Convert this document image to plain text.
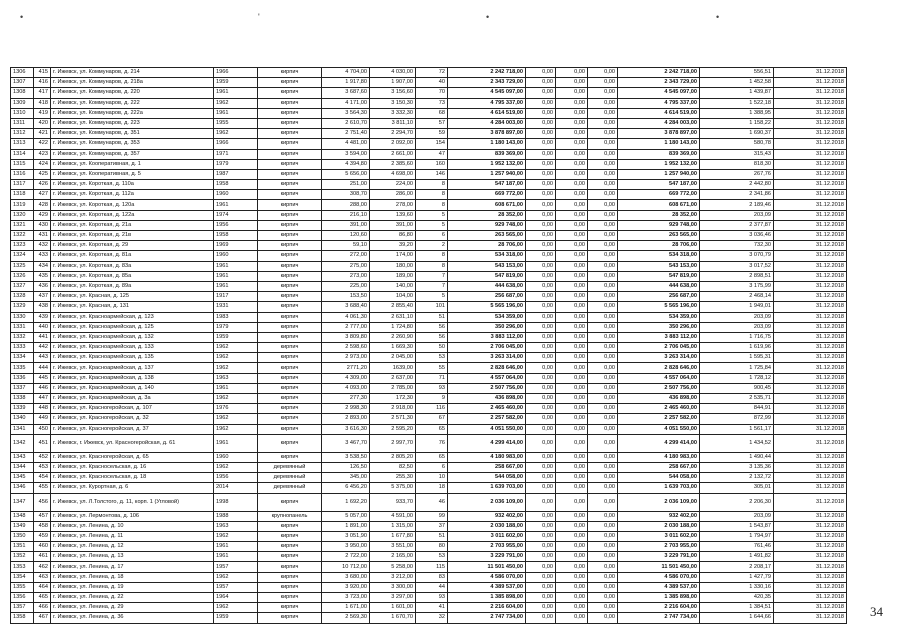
•	'	•	•
1306	415	г. Ижевск, ул. Коммунаров, д. 214	1966	кирпич	4 704,00	4 030,00	72	2 242 718,00	0,00	0,00	0,00	2 242 718,00	556,51	31.12.2018
1307	416	г. Ижевск, ул. Коммунаров, д. 218а	1959	кирпич	1 917,80	1 907,00	40	2 343 729,00	0,00	0,00	0,00	2 343 729,00	1 452,58	31.12.2018
1308	417	г. Ижевск, ул. Коммунаров, д. 220	1961	кирпич	3 687,60	3 156,60	70	4 545 097,00	0,00	0,00	0,00	4 545 097,00	1 439,87	31.12.2018
1309	418	г. Ижевск, ул. Коммунаров, д. 222	1962	кирпич	4 171,00	3 150,30	73	4 795 337,00	0,00	0,00	0,00	4 795 337,00	1 522,18	31.12.2018
1310	419	г. Ижевск, ул. Коммунаров, д. 222а	1961	кирпич	3 564,30	3 332,30	68	4 614 519,00	0,00	0,00	0,00	4 614 519,00	1 388,95	31.12.2018
1311	420	г. Ижевск, ул. Коммунаров, д. 223	1955	кирпич	2 610,70	3 811,10	57	4 284 003,00	0,00	0,00	0,00	4 284 003,00	1 158,22	31.12.2018
1312	421	г. Ижевск, ул. Коммунаров, д. 351	1962	кирпич	2 751,40	2 294,70	59	3 878 897,00	0,00	0,00	0,00	3 878 897,00	1 690,37	31.12.2018
1313	422	г. Ижевск, ул. Коммунаров, д. 353	1966	кирпич	4 481,00	2 092,00	154	1 180 143,00	0,00	0,00	0,00	1 180 143,00	580,78	31.12.2018
1314	423	г. Ижевск, ул. Коммунаров, д. 357	1971	кирпич	3 594,00	2 661,00	47	839 369,00	0,00	0,00	0,00	839 369,00	315,43	31.12.2018
1315	424	г. Ижевск, ул. Кооперативная, д. 1	1979	кирпич	4 394,80	2 385,60	160	1 952 132,00	0,00	0,00	0,00	1 952 132,00	818,30	31.12.2018
1316	425	г. Ижевск, ул. Кооперативная, д. 5	1987	кирпич	5 656,00	4 698,00	146	1 257 940,00	0,00	0,00	0,00	1 257 940,00	267,76	31.12.2018
1317	426	г. Ижевск, ул. Короткая, д. 110а	1958	кирпич	251,00	224,00	8	547 187,00	0,00	0,00	0,00	547 187,00	2 442,80	31.12.2018
1318	427	г. Ижевск, ул. Короткая, д. 112а	1960	кирпич	308,70	286,00	8	669 772,00	0,00	0,00	0,00	669 772,00	2 341,86	31.12.2018
1319	428	г. Ижевск, ул. Короткая, д. 120а	1961	кирпич	288,00	278,00	8	608 671,00	0,00	0,00	0,00	608 671,00	2 189,46	31.12.2018
1320	429	г. Ижевск, ул. Короткая, д. 122а	1974	кирпич	216,10	139,60	5	28 352,00	0,00	0,00	0,00	28 352,00	203,09	31.12.2018
1321	430	г. Ижевск, ул. Короткая, д. 21а	1956	кирпич	391,00	391,00	5	929 748,00	0,00	0,00	0,00	929 748,00	2 377,87	31.12.2018
1322	431	г. Ижевск, ул. Короткая, д. 21в	1958	кирпич	120,60	86,80	6	263 565,00	0,00	0,00	0,00	263 565,00	3 036,46	31.12.2018
1323	432	г. Ижевск, ул. Короткая, д. 29	1969	кирпич	59,10	39,20	2	28 706,00	0,00	0,00	0,00	28 706,00	732,30	31.12.2018
1324	433	г. Ижевск, ул. Короткая, д. 81а	1960	кирпич	272,00	174,00	8	534 318,00	0,00	0,00	0,00	534 318,00	3 070,79	31.12.2018
1325	434	г. Ижевск, ул. Короткая, д. 83а	1961	кирпич	275,00	180,00	8	543 153,00	0,00	0,00	0,00	543 153,00	3 017,52	31.12.2018
1326	435	г. Ижевск, ул. Короткая, д. 85а	1961	кирпич	273,00	189,00	7	547 819,00	0,00	0,00	0,00	547 819,00	2 898,51	31.12.2018
1327	436	г. Ижевск, ул. Короткая, д. 89а	1961	кирпич	225,00	140,00	7	444 638,00	0,00	0,00	0,00	444 638,00	3 175,99	31.12.2018
1328	437	г. Ижевск, ул. Красная, д. 125	1917	кирпич	153,50	104,00	5	256 687,00	0,00	0,00	0,00	256 687,00	2 468,14	31.12.2018
1329	438	г. Ижевск, ул. Красная, д. 131	1931	кирпич	3 688,40	2 855,40	101	5 565 196,00	0,00	0,00	0,00	5 565 196,00	1 949,01	31.12.2018
1330	439	г. Ижевск, ул. Красноармейская, д. 123	1983	кирпич	4 061,30	2 631,10	51	534 359,00	0,00	0,00	0,00	534 359,00	203,09	31.12.2018
1331	440	г. Ижевск, ул. Красноармейская, д. 125	1979	кирпич	2 777,00	1 724,80	56	350 296,00	0,00	0,00	0,00	350 296,00	203,09	31.12.2018
1332	441	г. Ижевск, ул. Красноармейская, д. 132	1959	кирпич	3 809,80	2 260,90	56	3 883 112,00	0,00	0,00	0,00	3 883 112,00	1 716,75	31.12.2018
1333	442	г. Ижевск, ул. Красноармейская, д. 133	1962	кирпич	2 598,60	1 669,30	50	2 706 045,00	0,00	0,00	0,00	2 706 045,00	1 619,96	31.12.2018
1334	443	г. Ижевск, ул. Красноармейская, д. 135	1962	кирпич	2 973,00	2 045,00	53	3 263 314,00	0,00	0,00	0,00	3 263 314,00	1 595,31	31.12.2018
1335	444	г. Ижевск, ул. Красноармейская, д. 137	1962	кирпич	2771,20	1639,00	55	2 828 646,00	0,00	0,00	0,00	2 828 646,00	1 725,84	31.12.2018
1336	445	г. Ижевск, ул. Красноармейская, д. 138	1963	кирпич	4 309,00	2 637,00	71	4 557 064,00	0,00	0,00	0,00	4 557 064,00	1 728,12	31.12.2018
1337	446	г. Ижевск, ул. Красноармейская, д. 140	1961	кирпич	4 093,00	2 785,00	93	2 507 756,00	0,00	0,00	0,00	2 507 756,00	900,45	31.12.2018
1338	447	г. Ижевск, ул. Красноармейская, д. 3а	1962	кирпич	277,30	172,30	9	436 898,00	0,00	0,00	0,00	436 898,00	2 535,71	31.12.2018
1339	448	г. Ижевск, ул. Красногеройская, д. 107	1976	кирпич	2 998,30	2 918,00	116	2 465 460,00	0,00	0,00	0,00	2 465 460,00	844,91	31.12.2018
1340	449	г. Ижевск, ул. Красногеройская, д. 32	1962	кирпич	2 893,00	2 571,30	67	2 257 582,00	0,00	0,00	0,00	2 257 582,00	872,99	31.12.2018
1341	450	г. Ижевск, ул. Красногеройская, д. 37	1962	кирпич	3 616,30	2 595,20	65	4 051 550,00	0,00	0,00	0,00	4 051 550,00	1 561,17	31.12.2018
1342	451	г. Ижевск, г. Ижевск, ул. Красногеройская, д. 61	1961	кирпич	3 467,70	2 997,70	76	4 299 414,00	0,00	0,00	0,00	4 299 414,00	1 434,52	31.12.2018
1343	452	г. Ижевск, ул. Красногеройская, д. 65	1960	кирпич	3 538,50	2 805,20	65	4 180 983,00	0,00	0,00	0,00	4 180 983,00	1 490,44	31.12.2018
1344	453	г. Ижевск, ул. Красносельская, д. 16	1962	деревянный	126,50	82,50	6	258 667,00	0,00	0,00	0,00	258 667,00	3 135,36	31.12.2018
1345	454	г. Ижевск, ул. Красносельская, д. 18	1956	деревянный	345,00	255,30	10	544 058,00	0,00	0,00	0,00	544 058,00	2 132,72	31.12.2018
1346	455	г. Ижевск, ул. Курортная, д. 6	2014	деревянный	6 456,20	5 375,00	18	1 639 703,00	0,00	0,00	0,00	1 639 703,00	305,01	31.12.2018
1347	456	г. Ижевск, ул. Л.Толстого, д. 11, корп. 1 (Угловой)	1998	кирпич	1 692,20	933,70	46	2 036 109,00	0,00	0,00	0,00	2 036 109,00	2 206,30	31.12.2018
1348	457	г. Ижевск, ул. Лермонтова, д. 106	1988	крупнопанель	5 057,00	4 591,00	99	932 402,00	0,00	0,00	0,00	932 402,00	203,09	31.12.2018
1349	458	г. Ижевск, ул. Ленина, д. 10	1963	кирпич	1 891,00	1 315,00	37	2 030 188,00	0,00	0,00	0,00	2 030 188,00	1 543,87	31.12.2018
1350	459	г. Ижевск, ул. Ленина, д. 11	1962	кирпич	3 051,90	1 677,80	51	3 011 602,00	0,00	0,00	0,00	3 011 602,00	1 794,97	31.12.2018
1351	460	г. Ижевск, ул. Ленина, д. 12	1961	кирпич	3 950,00	3 551,00	80	2 703 955,00	0,00	0,00	0,00	2 703 955,00	761,46	31.12.2018
1352	461	г. Ижевск, ул. Ленина, д. 13	1961	кирпич	2 722,00	2 165,00	53	3 229 791,00	0,00	0,00	0,00	3 229 791,00	1 491,82	31.12.2018
1353	462	г. Ижевск, ул. Ленина, д. 17	1957	кирпич	10 712,00	5 258,00	115	11 501 450,00	0,00	0,00	0,00	11 501 450,00	2 208,17	31.12.2018
1354	463	г. Ижевск, ул. Ленина, д. 18	1962	кирпич	3 680,00	3 212,00	83	4 586 070,00	0,00	0,00	0,00	4 586 070,00	1 427,79	31.12.2018
1355	464	г. Ижевск, ул. Ленина, д. 19	1957	кирпич	3 920,00	3 300,00	44	4 389 537,00	0,00	0,00	0,00	4 389 537,00	1 330,16	31.12.2018
1356	465	г. Ижевск, ул. Ленина, д. 22	1964	кирпич	3 723,00	3 297,00	93	1 385 898,00	0,00	0,00	0,00	1 385 898,00	420,35	31.12.2018
1357	466	г. Ижевск, ул. Ленина, д. 29	1962	кирпич	1 671,00	1 601,00	41	2 216 604,00	0,00	0,00	0,00	2 216 604,00	1 384,51	31.12.2018
1358	467	г. Ижевск, ул. Ленина, д. 36	1959	кирпич	2 569,30	1 670,70	32	2 747 734,00	0,00	0,00	0,00	2 747 734,00	1 644,66	31.12.2018 34
